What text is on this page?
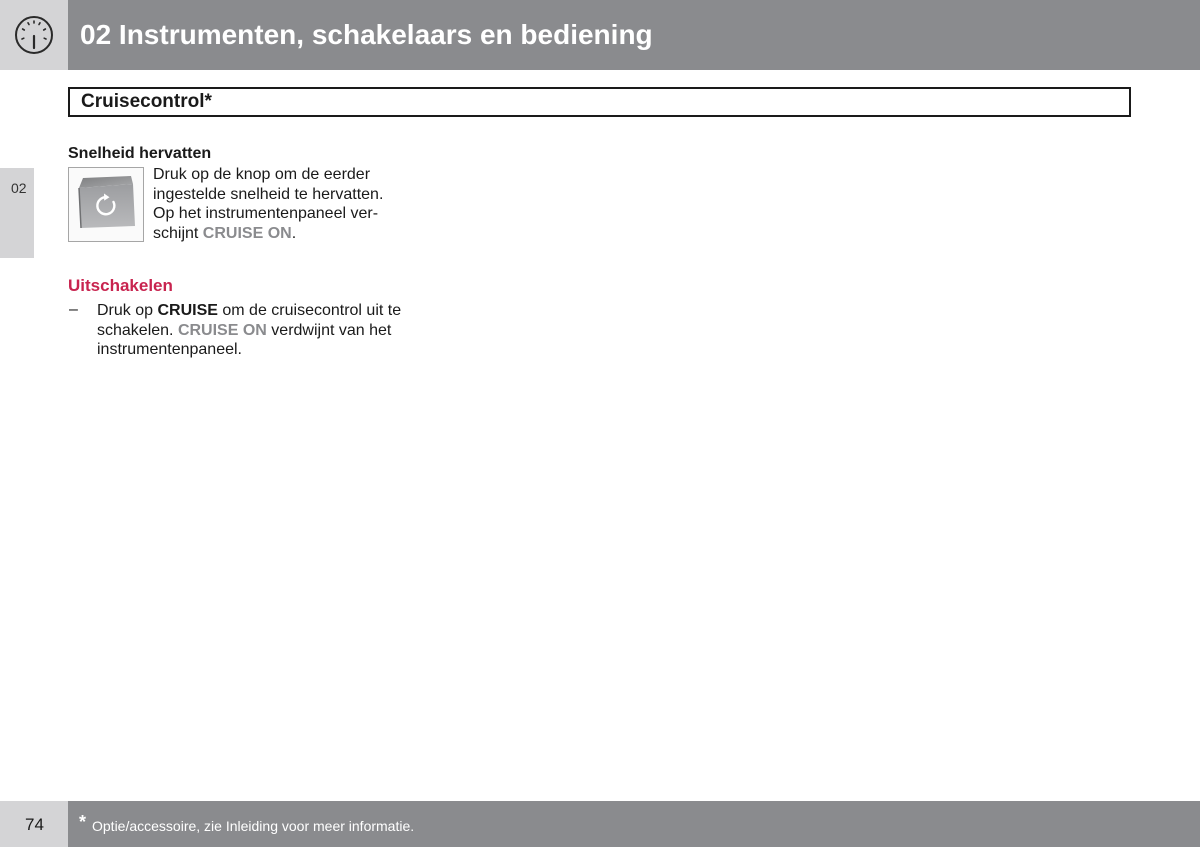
02 Instrumenten, schakelaars en bediening
Cruisecontrol*
02
Snelheid hervatten

Druk op de knop om de eerder
ingestelde snelheid te hervatten.
Op het instrumentenpaneel ver-
schijnt CRUISE ON.

Uitschakelen
– Druk op CRUISE om de cruisecontrol uit te
schakelen. CRUISE ON verdwijnt van het
instrumentenpaneel.

74 * Optie/accessoire, zie Inleiding voor meer informatie.
